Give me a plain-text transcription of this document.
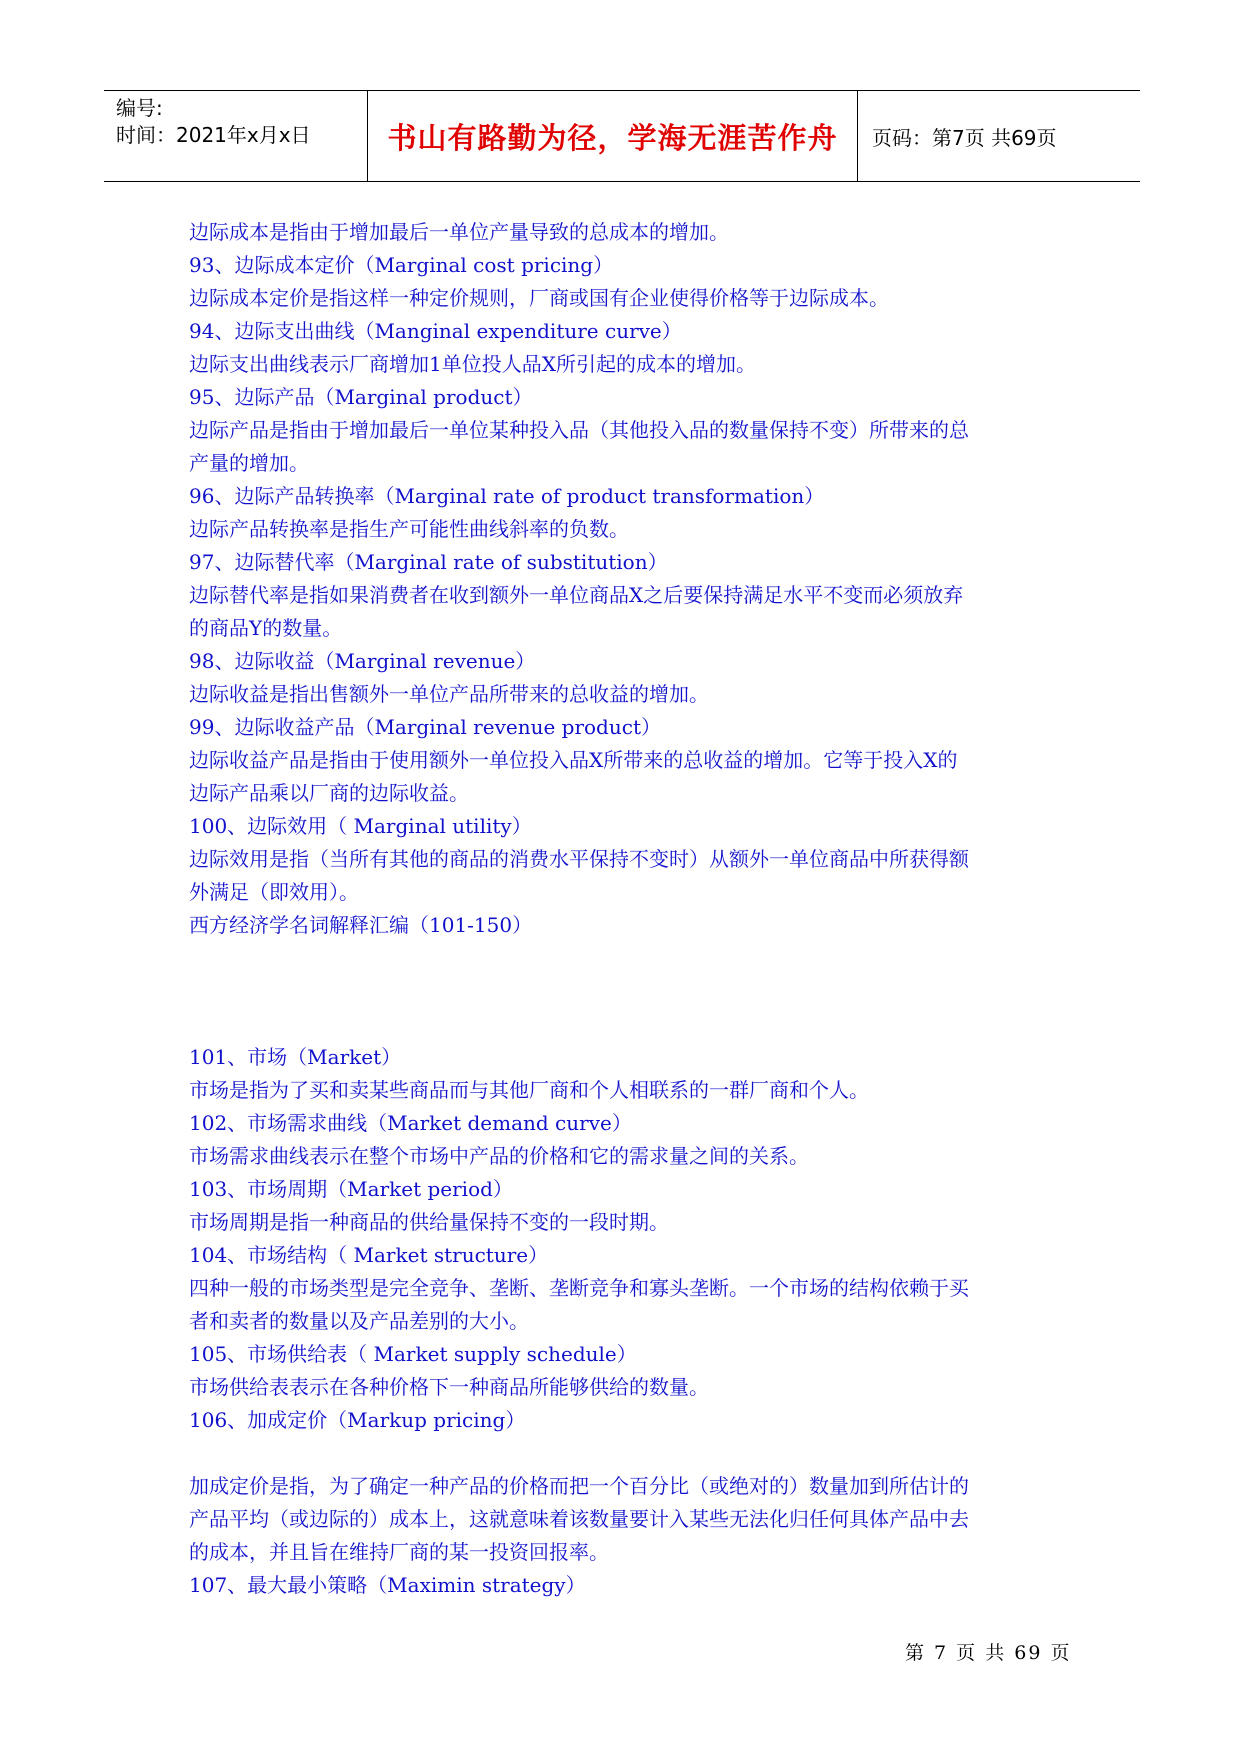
编号:
时间：2021年x月x日	书山有路勤为径，学海无涯苦作舟	页码：第7页 共69页
边际成本是指由于增加最后一单位产量导致的总成本的增加。
93、边际成本定价（Marginal cost pricing）
边际成本定价是指这样一种定价规则，厂商或国有企业使得价格等于边际成本。
94、边际支出曲线（Manginal expenditure curve）
边际支出曲线表示厂商增加1单位投人品X所引起的成本的增加。
95、边际产品（Marginal product）
边际产品是指由于增加最后一单位某种投入品（其他投入品的数量保持不变）所带来的总
产量的增加。
96、边际产品转换率（Marginal rate of product transformation）
边际产品转换率是指生产可能性曲线斜率的负数。
97、边际替代率（Marginal rate of substitution）
边际替代率是指如果消费者在收到额外一单位商品X之后要保持满足水平不变而必须放弃
的商品Y的数量。
98、边际收益（Marginal revenue）
边际收益是指出售额外一单位产品所带来的总收益的增加。
99、边际收益产品（Marginal revenue product）
边际收益产品是指由于使用额外一单位投入品X所带来的总收益的增加。它等于投入X的
边际产品乘以厂商的边际收益。
100、边际效用（ Marginal utility）
边际效用是指（当所有其他的商品的消费水平保持不变时）从额外一单位商品中所获得额
外满足（即效用）。
西方经济学名词解释汇编（101-150）
101、市场（Market）
市场是指为了买和卖某些商品而与其他厂商和个人相联系的一群厂商和个人。
102、市场需求曲线（Market demand curve）
市场需求曲线表示在整个市场中产品的价格和它的需求量之间的关系。
103、市场周期（Market period）
市场周期是指一种商品的供给量保持不变的一段时期。
104、市场结构（ Market structure）
四种一般的市场类型是完全竞争、垄断、垄断竞争和寡头垄断。一个市场的结构依赖于买
者和卖者的数量以及产品差别的大小。
105、市场供给表（ Market supply schedule）
市场供给表表示在各种价格下一种商品所能够供给的数量。
106、加成定价（Markup pricing）
加成定价是指，为了确定一种产品的价格而把一个百分比（或绝对的）数量加到所估计的
产品平均（或边际的）成本上，这就意味着该数量要计入某些无法化归任何具体产品中去
的成本，并且旨在维持厂商的某一投资回报率。
107、最大最小策略（Maximin strategy）
第 7 页 共 69 页
